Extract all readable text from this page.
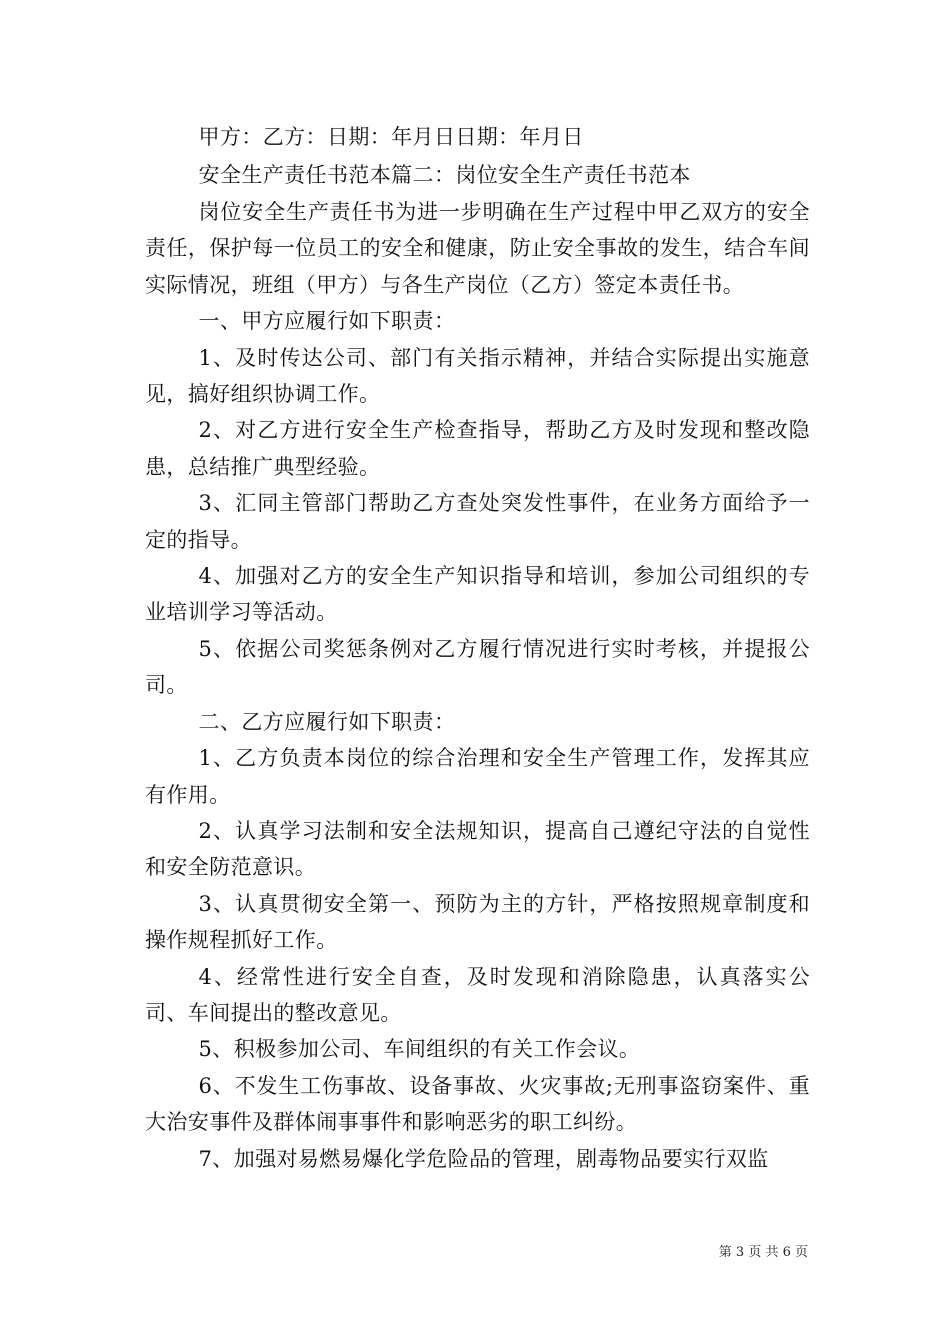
甲方：乙方：日期：年月日日期：年月日

安全生产责任书范本篇二：岗位安全生产责任书范本

岗位安全生产责任书为进一步明确在生产过程中甲乙双方的安全责任，保护每一位员工的安全和健康，防止安全事故的发生，结合车间实际情况，班组（甲方）与各生产岗位（乙方）签定本责任书。

一、甲方应履行如下职责：

1、及时传达公司、部门有关指示精神，并结合实际提出实施意见，搞好组织协调工作。

2、对乙方进行安全生产检查指导，帮助乙方及时发现和整改隐患，总结推广典型经验。

3、汇同主管部门帮助乙方查处突发性事件，在业务方面给予一定的指导。

4、加强对乙方的安全生产知识指导和培训，参加公司组织的专业培训学习等活动。

5、依据公司奖惩条例对乙方履行情况进行实时考核，并提报公司。

二、乙方应履行如下职责：

1、乙方负责本岗位的综合治理和安全生产管理工作，发挥其应有作用。

2、认真学习法制和安全法规知识，提高自己遵纪守法的自觉性和安全防范意识。

3、认真贯彻安全第一、预防为主的方针，严格按照规章制度和操作规程抓好工作。

4、经常性进行安全自查，及时发现和消除隐患，认真落实公司、车间提出的整改意见。

5、积极参加公司、车间组织的有关工作会议。

6、不发生工伤事故、设备事故、火灾事故;无刑事盗窃案件、重大治安事件及群体闹事事件和影响恶劣的职工纠纷。

7、加强对易燃易爆化学危险品的管理，剧毒物品要实行双监

第 3 页 共 6 页
